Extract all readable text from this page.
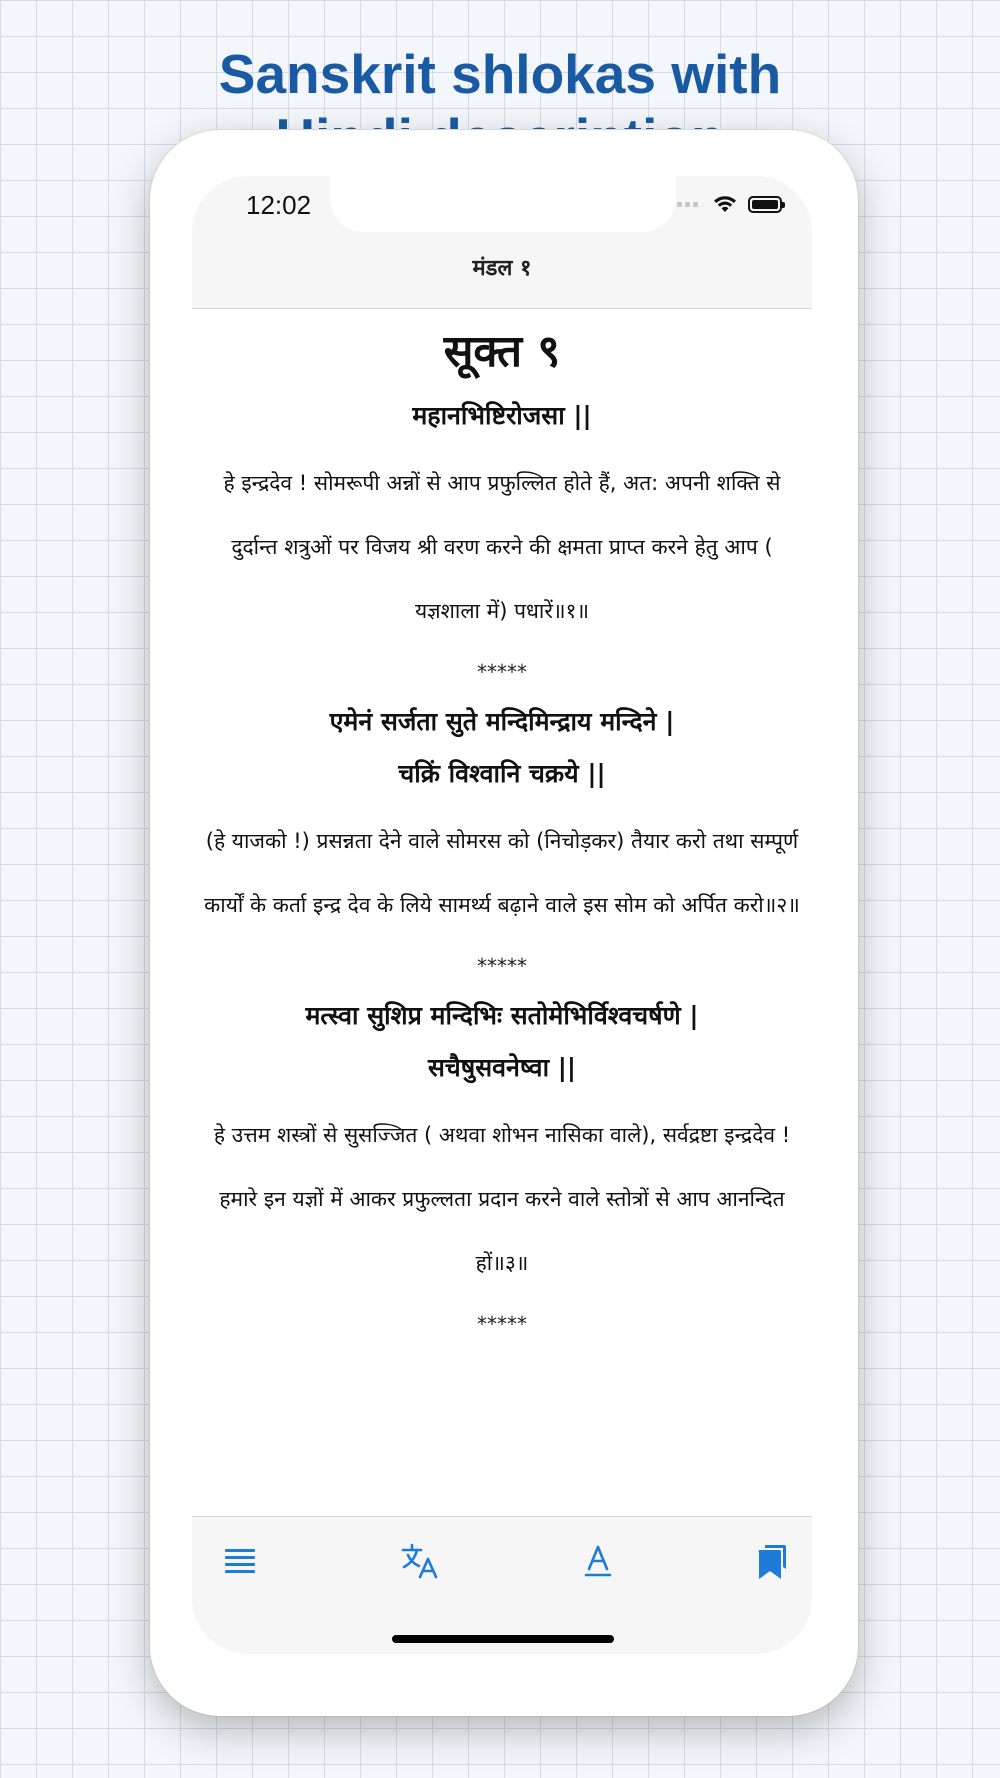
Sanskrit shlokas with
12:02
मंडल १
सूक्त ९
महानभिष्टिरोजसा ||
हे इन्द्रदेव ! सोमरूपी अन्नों से आप प्रफुल्लित होते हैं, अत: अपनी शक्ति से दुर्दान्त शत्रुओं पर विजय श्री वरण करने की क्षमता प्राप्त करने हेतु आप ( यज्ञशाला में) पधारें॥१॥
*****
एमेनं सर्जता सुते मन्दिमिन्द्राय मन्दिने |
चक्रिं विश्वानि चक्रये ||
(हे याजको !) प्रसन्नता देने वाले सोमरस को (निचोड़कर) तैयार करो तथा सम्पूर्ण कार्यों के कर्ता इन्द्र देव के लिये सामर्थ्य बढ़ाने वाले इस सोम को अर्पित करो॥२॥
*****
मत्स्वा सुशिप्र मन्दिभिः सतोमेभिर्विश्वचर्षणे |
सचैषुसवनेष्वा ||
हे उत्तम शस्त्रों से सुसज्जित ( अथवा शोभन नासिका वाले), सर्वद्रष्टा इन्द्रदेव ! हमारे इन यज्ञों में आकर प्रफुल्लता प्रदान करने वाले स्तोत्रों से आप आनन्दित हों॥३॥
*****
